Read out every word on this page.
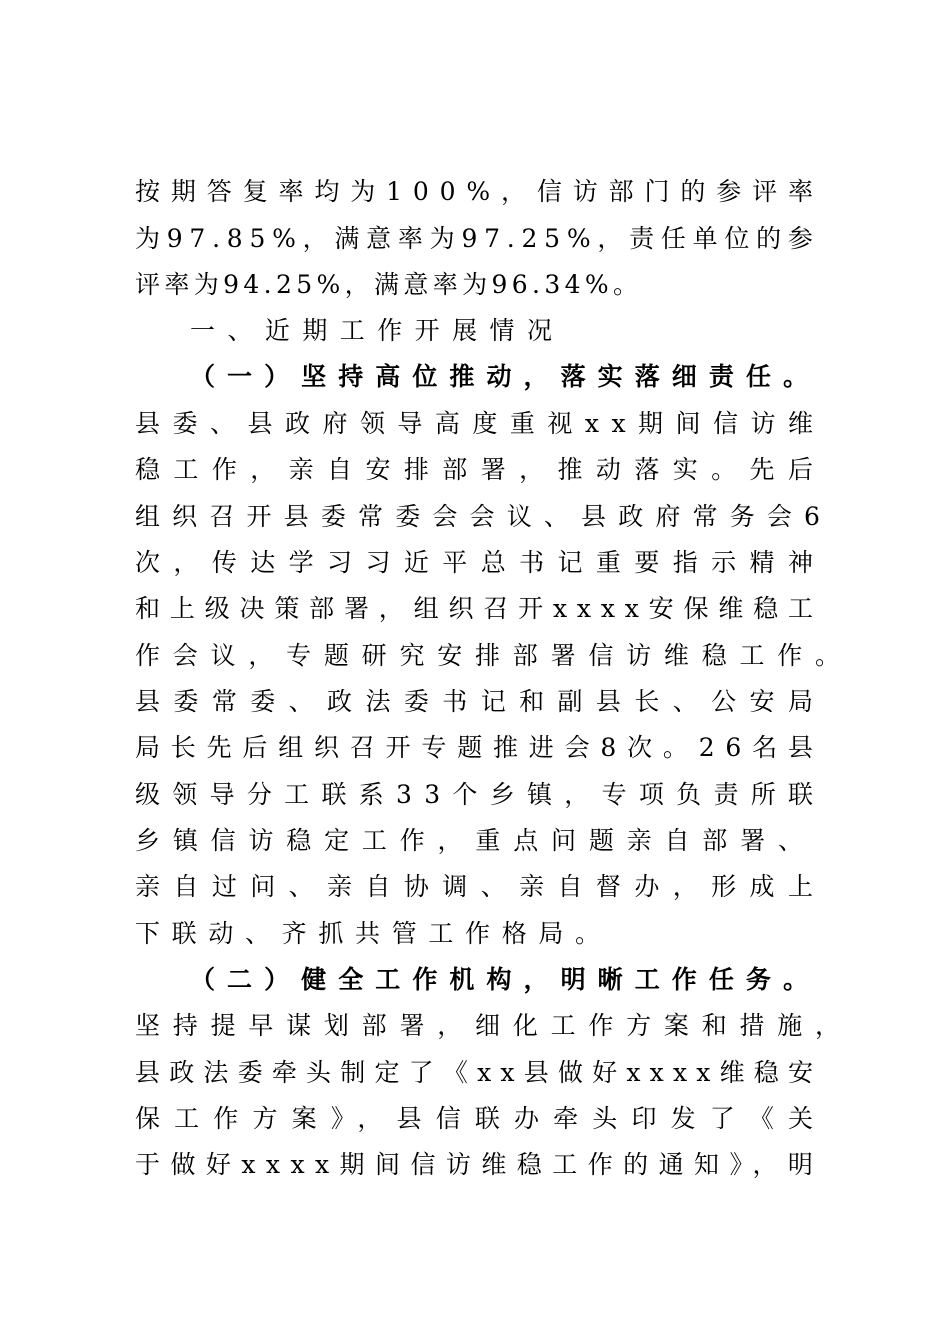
按期答复率均为100%，信访部门的参评率
为97.85%，满意率为97.25%，责任单位的参
评率为94.25%，满意率为96.34%。
一、近期工作开展情况
（一）坚持高位推动，落实落细责任。
县委、县政府领导高度重视xx期间信访维
稳工作，亲自安排部署，推动落实。先后
组织召开县委常委会会议、县政府常务会6
次，传达学习习近平总书记重要指示精神
和上级决策部署，组织召开xxxx安保维稳工
作会议，专题研究安排部署信访维稳工作。
县委常委、政法委书记和副县长、公安局
局长先后组织召开专题推进会8次。26名县
级领导分工联系33个乡镇，专项负责所联
乡镇信访稳定工作，重点问题亲自部署、
亲自过问、亲自协调、亲自督办，形成上
下联动、齐抓共管工作格局。
（二）健全工作机构，明晰工作任务。
坚持提早谋划部署，细化工作方案和措施，
县政法委牵头制定了《xx县做好xxxx维稳安
保工作方案》，县信联办牵头印发了《关
于做好xxxx期间信访维稳工作的通知》，明
